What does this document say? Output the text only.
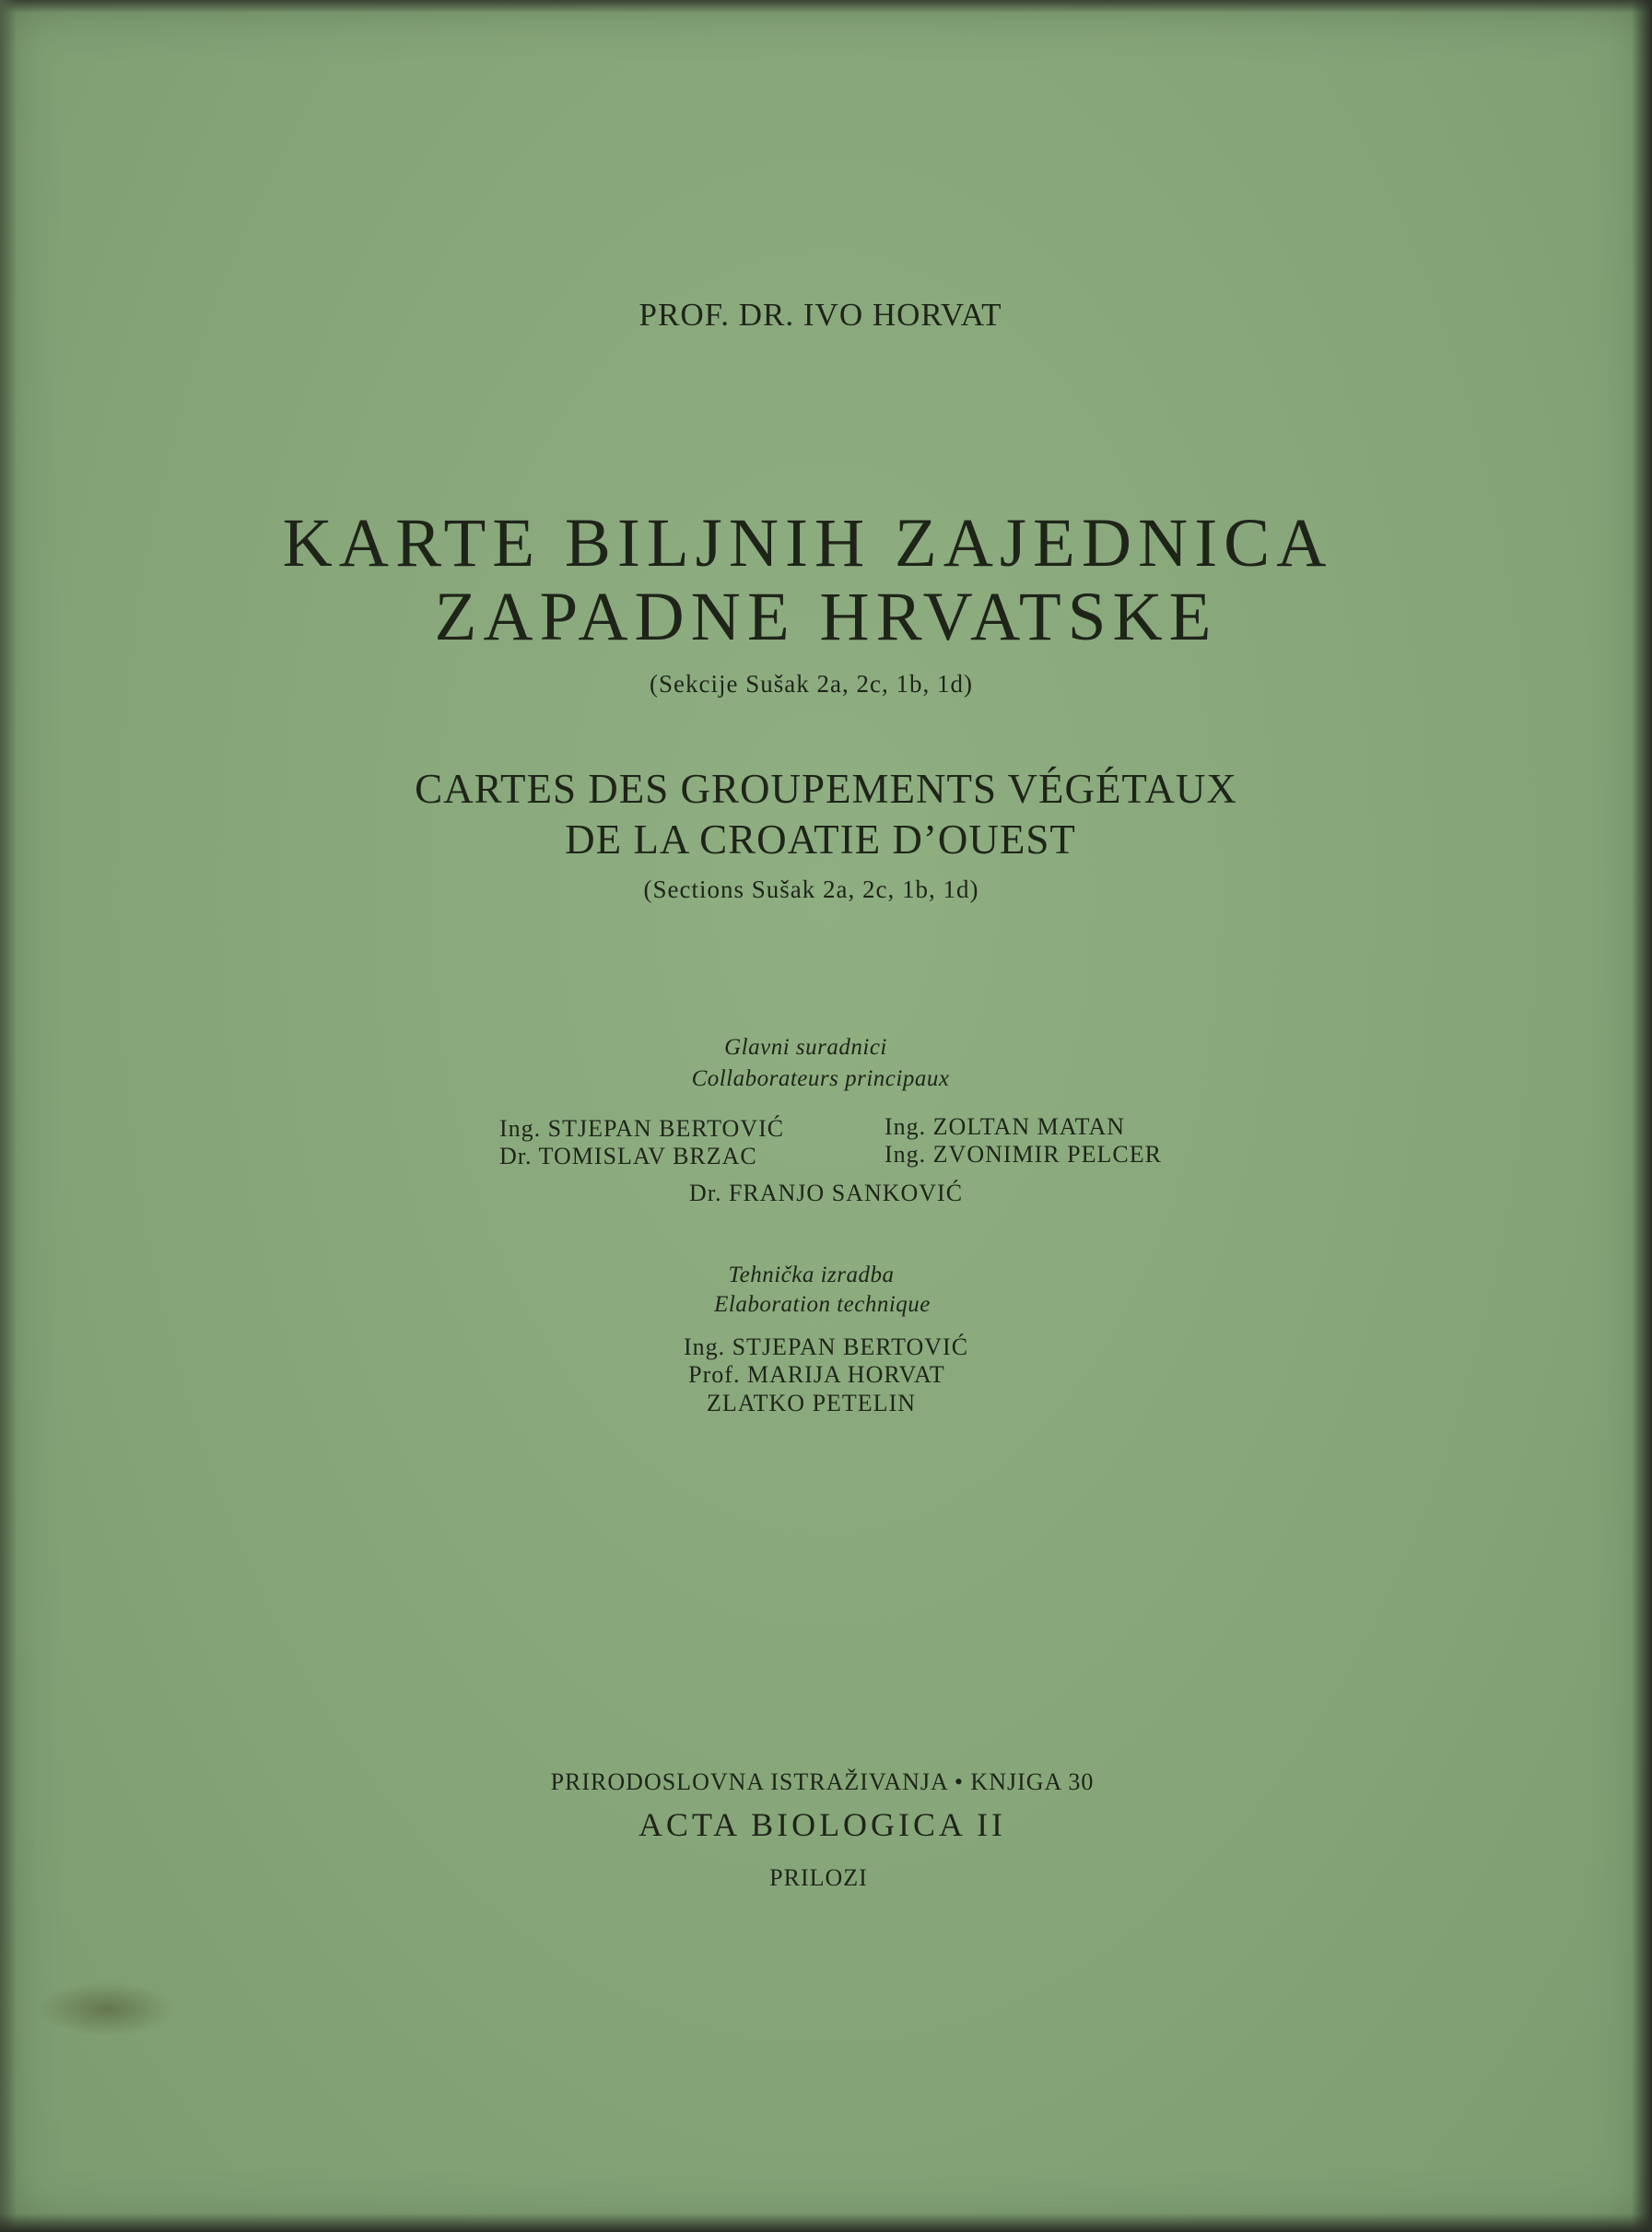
PROF. DR. IVO HORVAT
KARTE BILJNIH ZAJEDNICA
ZAPADNE HRVATSKE
(Sekcije Sušak 2a, 2c, 1b, 1d)
CARTES DES GROUPEMENTS VÉGÉTAUX
DE LA CROATIE D’OUEST
(Sections Sušak 2a, 2c, 1b, 1d)
Glavni suradnici
Collaborateurs principaux
Ing. STJEPAN BERTOVIĆ
Dr. TOMISLAV BRZAC
Ing. ZOLTAN MATAN
Ing. ZVONIMIR PELCER
Dr. FRANJO SANKOVIĆ
Tehnička izradba
Elaboration technique
Ing. STJEPAN BERTOVIĆ
Prof. MARIJA HORVAT
ZLATKO PETELIN
PRIRODOSLOVNA ISTRAŽIVANJA • KNJIGA 30
ACTA BIOLOGICA II
PRILOZI
